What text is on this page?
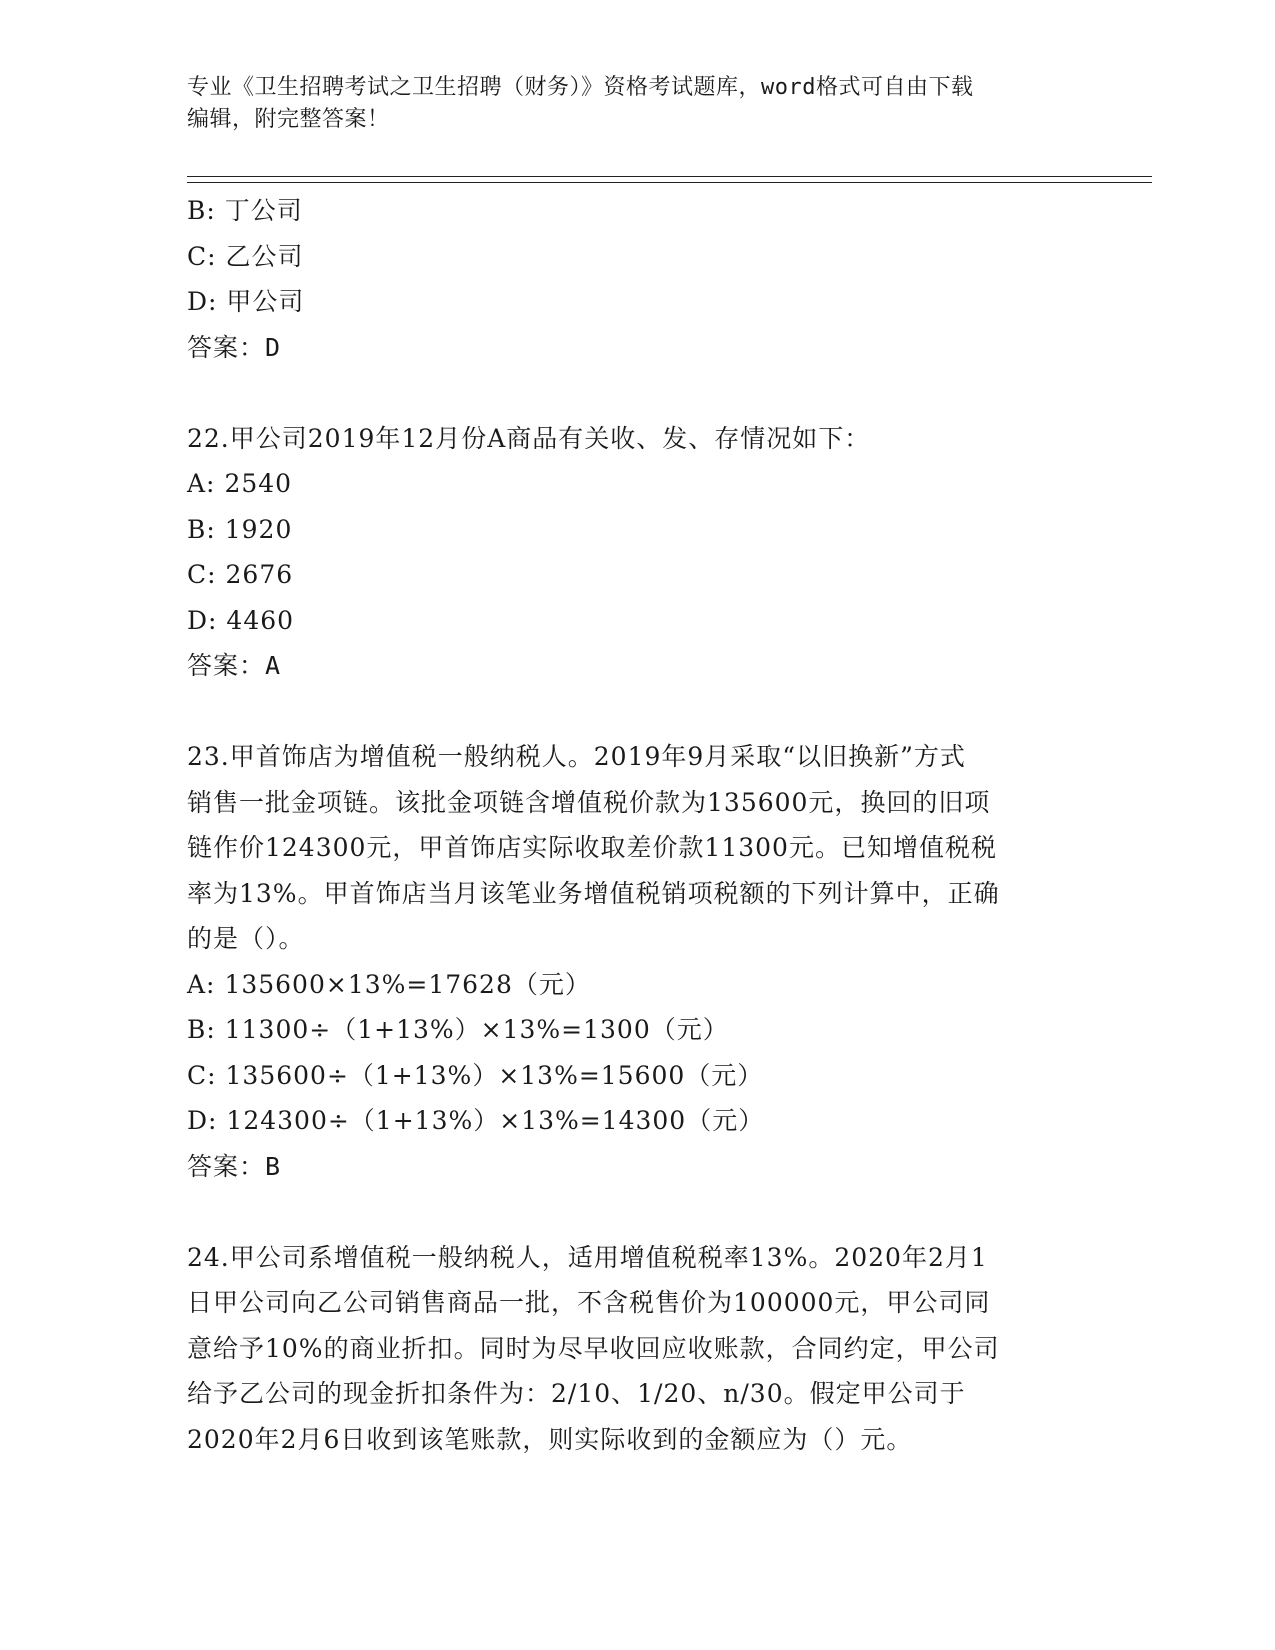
专业《卫生招聘考试之卫生招聘（财务）》资格考试题库，word格式可自由下载
编辑，附完整答案！
B: 丁公司
C: 乙公司
D: 甲公司
答案：D
22.甲公司2019年12月份A商品有关收、发、存情况如下：
A: 2540
B: 1920
C: 2676
D: 4460
答案：A
23.甲首饰店为增值税一般纳税人。2019年9月采取“以旧换新”方式
销售一批金项链。该批金项链含增值税价款为135600元，换回的旧项
链作价124300元，甲首饰店实际收取差价款11300元。已知增值税税
率为13%。甲首饰店当月该笔业务增值税销项税额的下列计算中，正确
的是（）。
A: 135600×13%=17628（元）
B: 11300÷（1+13%）×13%=1300（元）
C: 135600÷（1+13%）×13%=15600（元）
D: 124300÷（1+13%）×13%=14300（元）
答案：B
24.甲公司系增值税一般纳税人，适用增值税税率13%。2020年2月1
日甲公司向乙公司销售商品一批，不含税售价为100000元，甲公司同
意给予10%的商业折扣。同时为尽早收回应收账款，合同约定，甲公司
给予乙公司的现金折扣条件为：2/10、1/20、n/30。假定甲公司于
2020年2月6日收到该笔账款，则实际收到的金额应为（）元。
